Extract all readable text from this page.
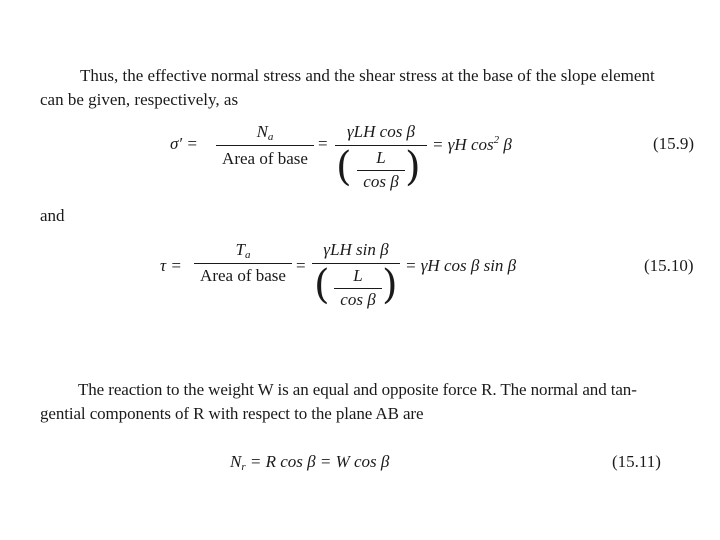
Thus, the effective normal stress and the shear stress at the base of the slope element
can be given, respectively, as
σ′ =
$N_a$
Area of base
=
γLH cos β
(	L
cos β ) = γH $\cos^2 \beta$	(15.9)
and
τ =
$T_a$
Area of base
=
γLH sin β
(	L
cos β ) = γH cos β sin β	(15.10)
The reaction to the weight W is an equal and opposite force R. The normal and tan-
gential components of R with respect to the plane AB are
$N_r = R$ cos β = W cos β	(15.11)
